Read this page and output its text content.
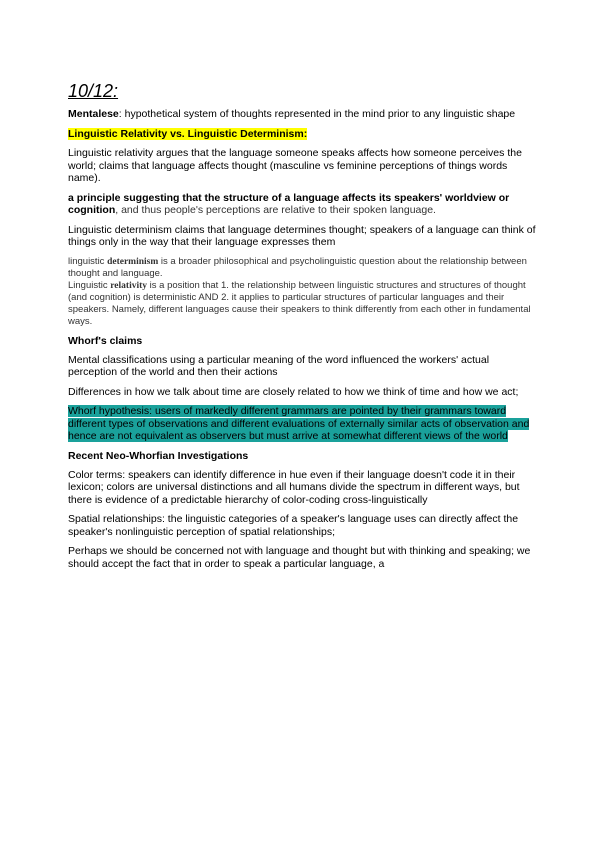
10/12:

Mentalese: hypothetical system of thoughts represented in the mind prior to any linguistic shape

Linguistic Relativity vs. Linguistic Determinism:

Linguistic relativity argues that the language someone speaks affects how someone perceives the world; claims that language affects thought (masculine vs feminine perceptions of things words name).

a principle suggesting that the structure of a language affects its speakers' worldview or cognition, and thus people's perceptions are relative to their spoken language.

Linguistic determinism claims that language determines thought; speakers of a language can think of things only in the way that their language expresses them

linguistic determinism is a broader philosophical and psycholinguistic question about the relationship between thought and language.
Linguistic relativity is a position that 1. the relationship between linguistic structures and structures of thought (and cognition) is deterministic AND 2. it applies to particular structures of particular languages and their speakers. Namely, different languages cause their speakers to think differently from each other in fundamental ways.

Whorf's claims

Mental classifications using a particular meaning of the word influenced the workers' actual perception of the world and then their actions

Differences in how we talk about time are closely related to how we think of time and how we act;

Whorf hypothesis: users of markedly different grammars are pointed by their grammars toward different types of observations and different evaluations of externally similar acts of observation and hence are not equivalent as observers but must arrive at somewhat different views of the world

Recent Neo-Whorfian Investigations

Color terms: speakers can identify difference in hue even if their language doesn't code it in their lexicon; colors are universal distinctions and all humans divide the spectrum in different ways, but there is evidence of a predictable hierarchy of color-coding cross-linguistically

Spatial relationships: the linguistic categories of a speaker's language uses can directly affect the speaker's nonlinguistic perception of spatial relationships;

Perhaps we should be concerned not with language and thought but with thinking and speaking; we should accept the fact that in order to speak a particular language, a
